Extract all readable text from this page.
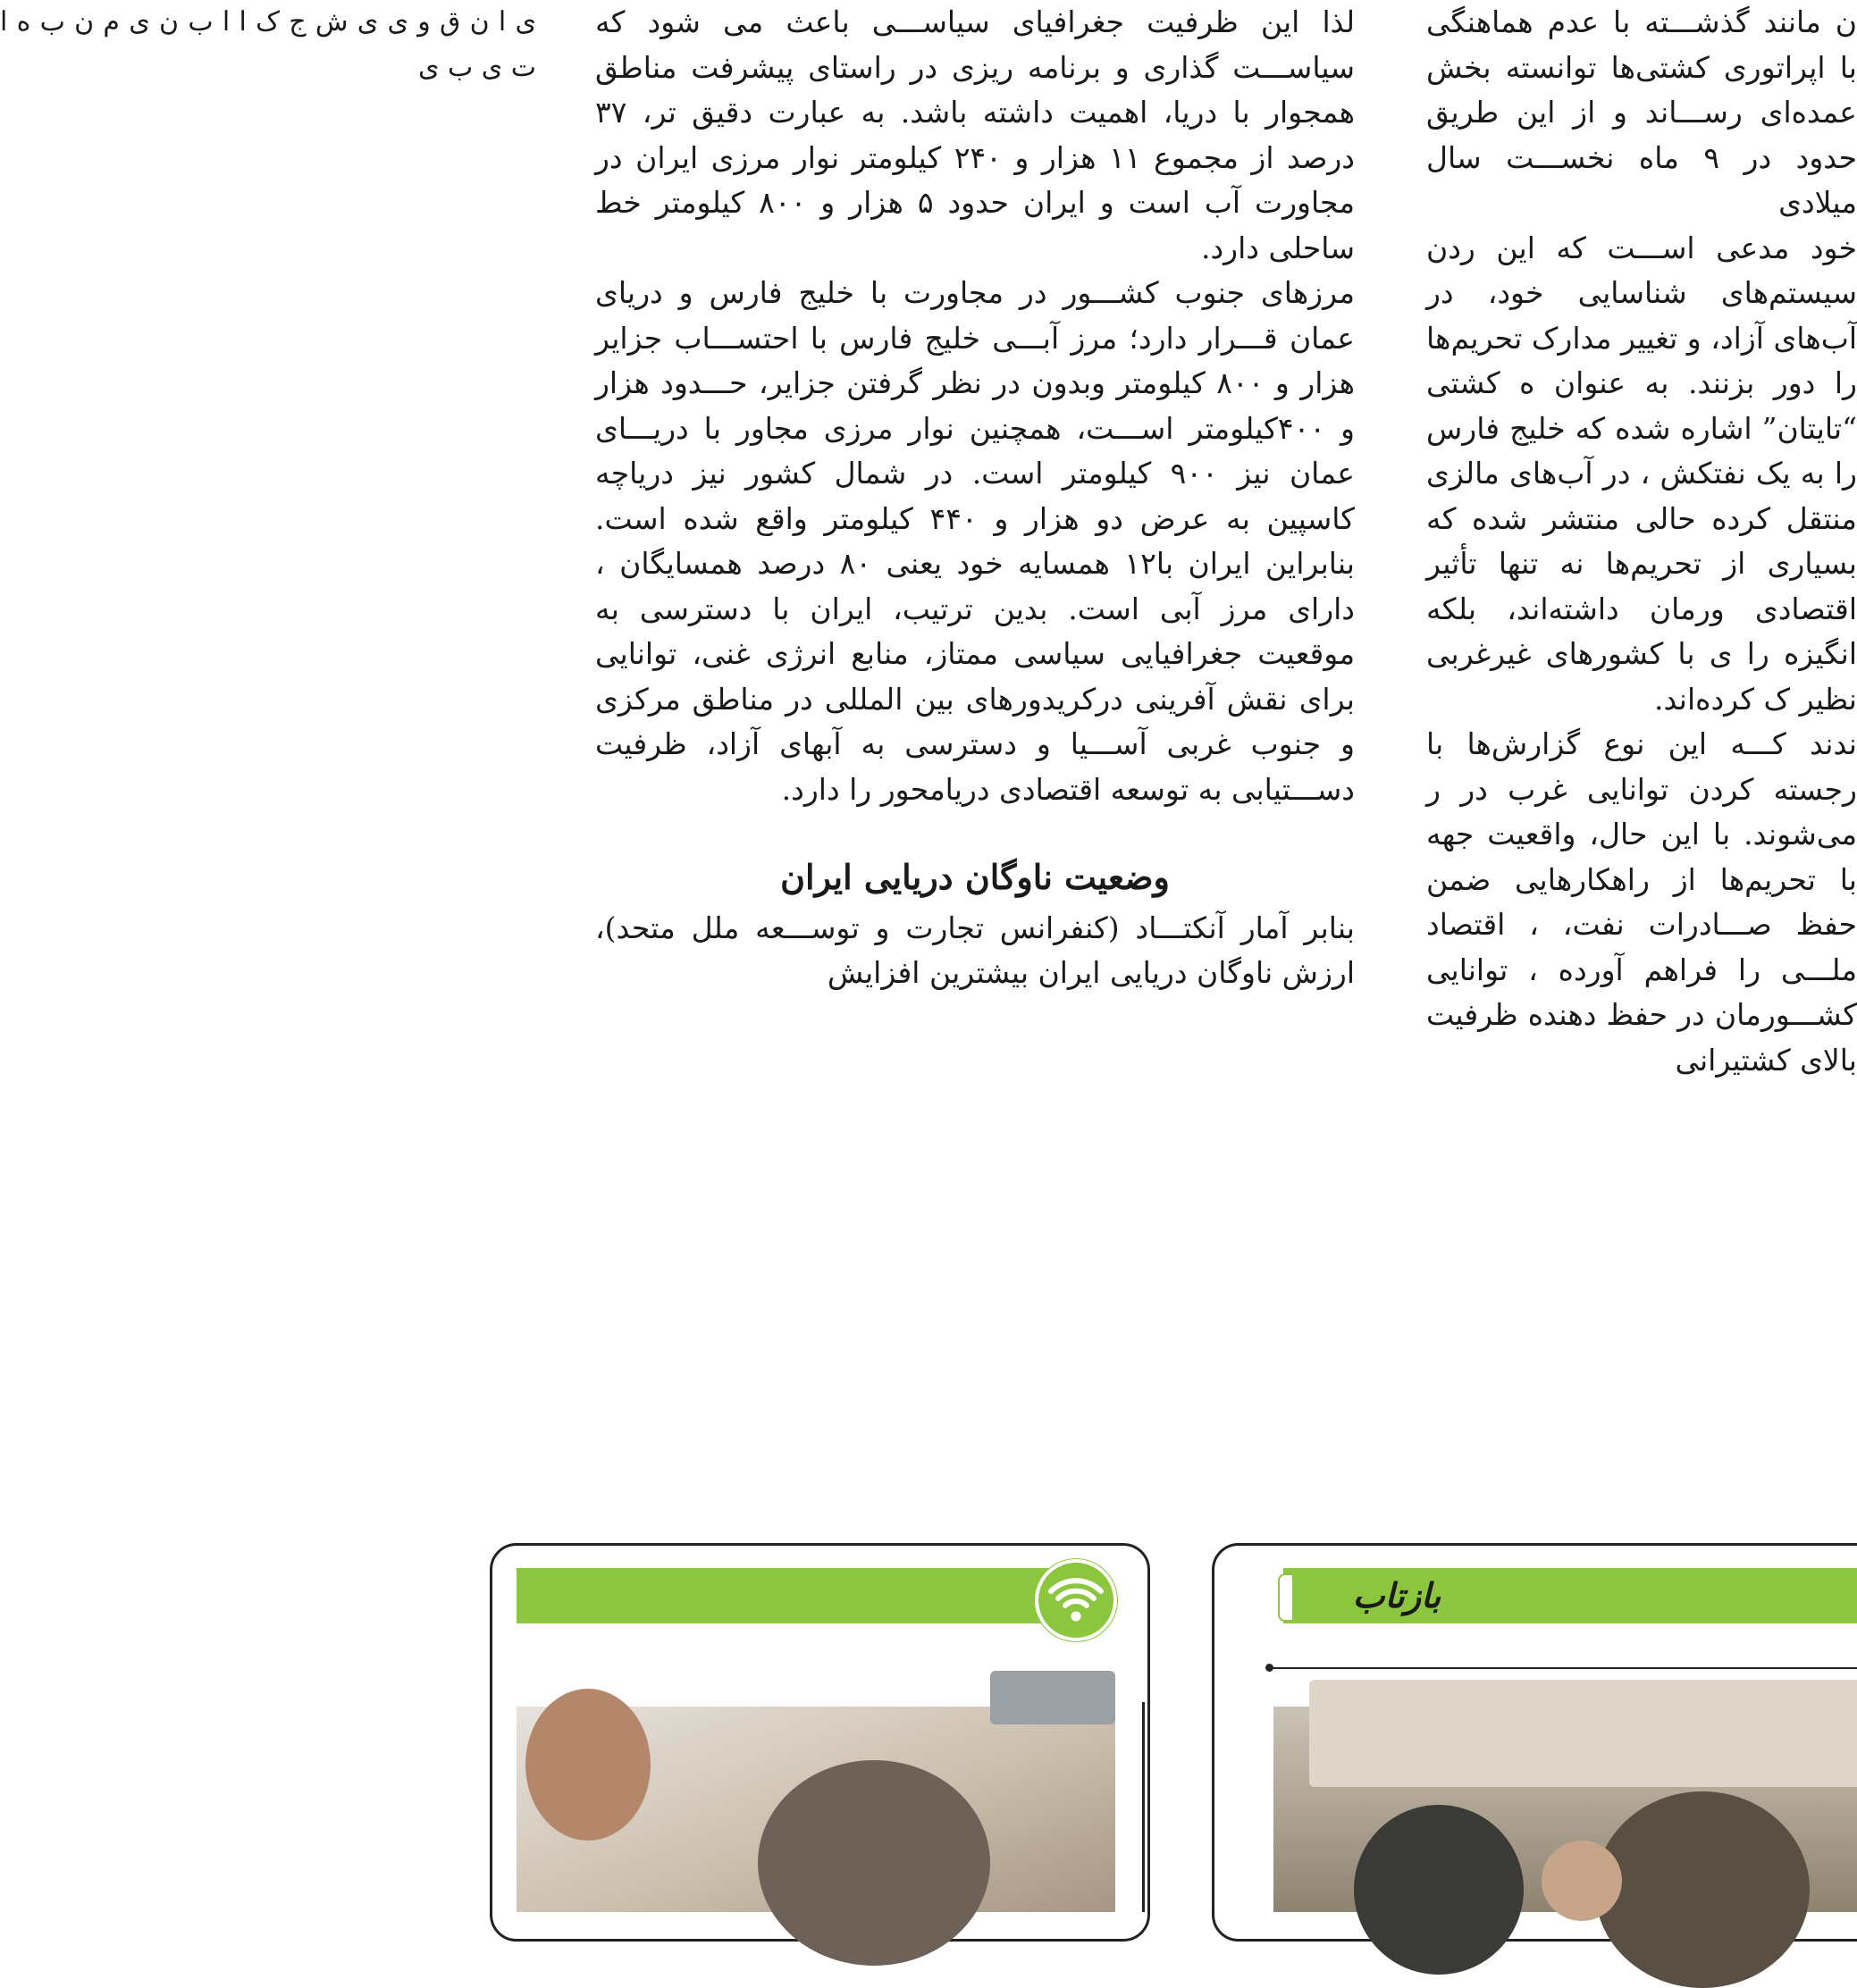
لذا این ظرفیت جغرافیای سیاســـی باعث می شود که سیاســـت گذاری و برنامه ریزی در راستای پیشرفت مناطق همجوار با دریا، اهمیت داشته باشد. به عبارت دقیق تر، ۳۷ درصد از مجموع ۱۱ هزار و ۲۴۰ کیلومتر نوار مرزی ایران در مجاورت آب است و ایران حدود ۵ هزار و ۸۰۰ کیلومتر خط ساحلی دارد.

مرزهای جنوب کشـــور در مجاورت با خلیج فارس و دریای عمان قـــرار دارد؛ مرز آبـــی خلیج فارس با احتســـاب جزایر هزار و ۸۰۰ کیلومتر وبدون در نظر گرفتن جزایر، حـــدود هزار و ۴۰۰کیلومتر اســـت، همچنین نوار مرزی مجاور با دریـــای عمان نیز ۹۰۰ کیلومتر است. در شمال کشور نیز دریاچه کاسپین به عرض دو هزار و ۴۴۰ کیلومتر واقع شده است. بنابراین ایران با۱۲ همسایه خود یعنی ۸۰ درصد همسایگان ، دارای مرز آبی است. بدین ترتیب، ایران با دسترسی به موقعیت جغرافیایی سیاسی ممتاز، منابع انرژی غنی، توانایی برای نقش آفرینی درکریدورهای بین المللی در مناطق مرکزی و جنوب غربی آســـیا و دسترسی به آبهای آزاد، ظرفیت دســـتیابی به توسعه اقتصادی دریامحور را دارد.

وضعیت ناوگان دریایی ایران

بنابر آمار آنکتـــاد (کنفرانس تجارت و توســـعه ملل متحد)، ارزش ناوگان دریایی ایران بیشترین افزایش

ن مانند گذشـــته با عدم هماهنگی با اپراتوری کشتی‌ها توانسته بخش عمده‌ای رســـاند و از این طریق حدود در ۹ ماه نخســـت سال میلادی

خود مدعی اســـت که این ردن سیستم‌های شناسایی خود، در آب‌های آزاد، و تغییر مدارک تحریم‌ها را دور بزنند. به عنوان ه کشتی “تایتان” اشاره شده که خلیج فارس را به یک نفتکش ، در آب‌های مالزی منتقل کرده حالی منتشر شده که بسیاری از تحریم‌ها نه تنها تأثیر اقتصادی ورمان داشته‌اند، بلکه انگیزه را ی با کشورهای غیرغربی نظیر ک کرده‌اند.

ندند کـــه این نوع گزارش‌ها با رجسته کردن توانایی غرب در ر می‌شوند. با این حال، واقعیت جهه با تحریم‌ها از راهکارهایی ضمن حفظ صـــادرات نفت، ، اقتصاد ملـــی را فراهم آورده ، توانایی کشـــورمان در حفظ دهنده ظرفیت بالای کشتیرانی

ی ا ن ق و ی ی ش ج ک ا ا ب ن ی م ن ب ه ا ت ی ب ی
بازتاب
